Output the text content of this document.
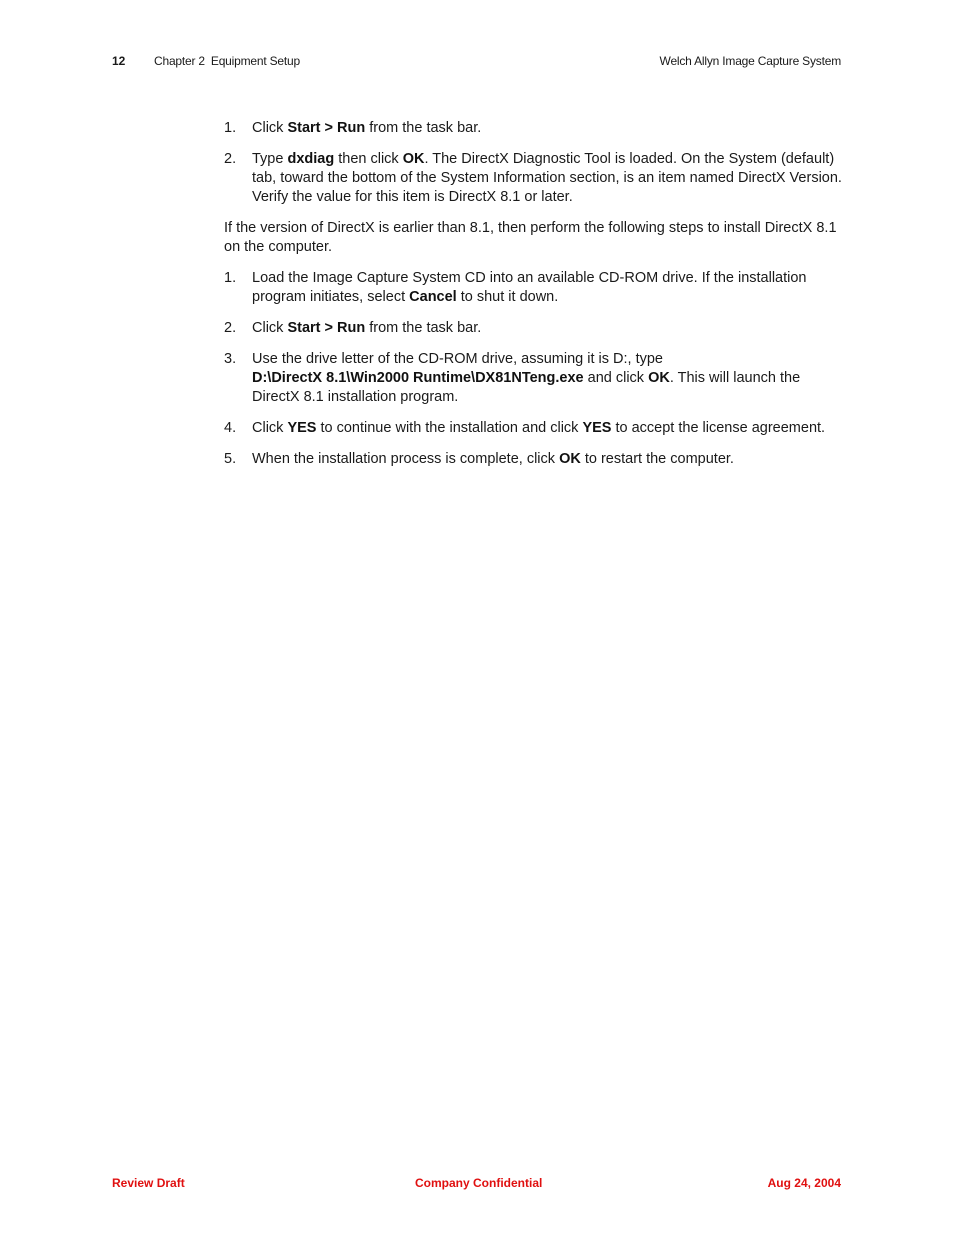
12 Chapter 2 Equipment Setup	Welch Allyn Image Capture System
1. Click Start > Run from the task bar.
2. Type dxdiag then click OK. The DirectX Diagnostic Tool is loaded. On the System (default) tab, toward the bottom of the System Information section, is an item named DirectX Version. Verify the value for this item is DirectX 8.1 or later.

If the version of DirectX is earlier than 8.1, then perform the following steps to install DirectX 8.1 on the computer.

1. Load the Image Capture System CD into an available CD-ROM drive. If the installation program initiates, select Cancel to shut it down.
2. Click Start > Run from the task bar.
3. Use the drive letter of the CD-ROM drive, assuming it is D:, type
D:\DirectX 8.1\Win2000 Runtime\DX81NTeng.exe and click OK. This will launch the DirectX 8.1 installation program.
4. Click YES to continue with the installation and click YES to accept the license agreement.
5. When the installation process is complete, click OK to restart the computer.
Review Draft	Company Confidential	Aug 24, 2004
